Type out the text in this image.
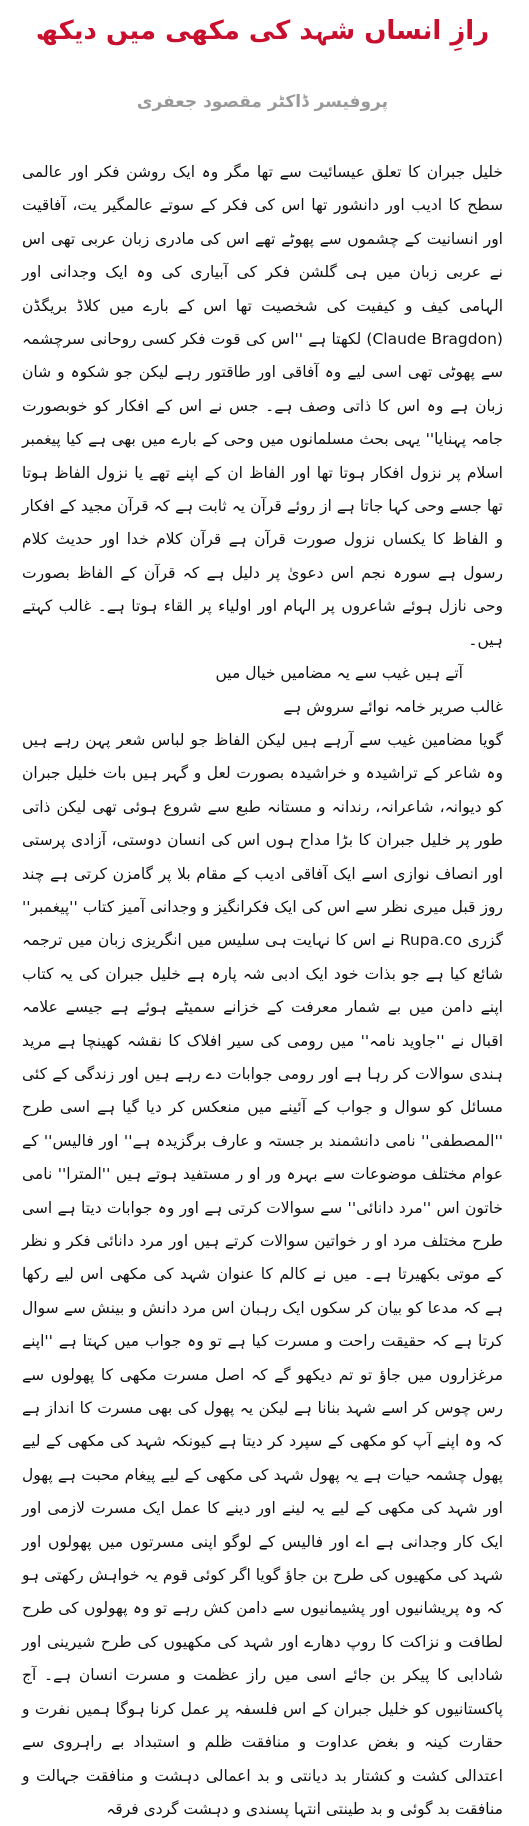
رازِ انساں شہد کی مکھی میں دیکھ
پروفیسر ڈاکٹر مقصود جعفری

خلیل جبران کا تعلق عیسائیت سے تھا مگر وہ ایک روشن فکر اور عالمی سطح کا ادیب اور دانشور تھا اس کی فکر کے سوتے عالمگیر یت، آفاقیت اور انسانیت کے چشموں سے پھوٹے تھے اس کی مادری زبان عربی تھی اس نے عربی زبان میں ہی گلشن فکر کی آبیاری کی وہ ایک وجدانی اور الہامی کیف و کیفیت کی شخصیت تھا اس کے بارے میں کلاڈ بریگڈن (Claude Bragdon) لکھتا ہے ''اس کی قوت فکر کسی روحانی سرچشمہ سے پھوٹی تھی اسی لیے وہ آفاقی اور طاقتور رہے لیکن جو شکوہ و شان زبان ہے وہ اس کا ذاتی وصف ہے۔ جس نے اس کے افکار کو خوبصورت جامہ پہنایا'' یہی بحث مسلمانوں میں وحی کے بارے میں بھی ہے کیا پیغمبر اسلام پر نزول افکار ہوتا تھا اور الفاظ ان کے اپنے تھے یا نزول الفاظ ہوتا تھا جسے وحی کہا جاتا ہے از روئے قرآن یہ ثابت ہے کہ قرآن مجید کے افکار و الفاظ کا یکساں نزول صورت قرآن ہے قرآن کلام خدا اور حدیث کلام رسول ہے سورہ نجم اس دعویٰ پر دلیل ہے کہ قرآن کے الفاظ بصورت وحی نازل ہوئے شاعروں پر الہام اور اولیاء پر القاء ہوتا ہے۔ غالب کہتے ہیں۔

آتے ہیں غیب سے یہ مضامیں خیال میں

غالب صریر خامہ نوائے سروش ہے

گویا مضامین غیب سے آرہے ہیں لیکن الفاظ جو لباس شعر پہن رہے ہیں وہ شاعر کے تراشیدہ و خراشیدہ بصورت لعل و گہر ہیں بات خلیل جبران کو دیوانہ، شاعرانہ، رندانہ و مستانہ طبع سے شروع ہوئی تھی لیکن ذاتی طور پر خلیل جبران کا بڑا مداح ہوں اس کی انسان دوستی، آزادی پرستی اور انصاف نوازی اسے ایک آفاقی ادیب کے مقام بلا پر گامزن کرتی ہے چند روز قبل میری نظر سے اس کی ایک فکرانگیز و وجدانی آمیز کتاب ''پیغمبر'' گزری Rupa.co نے اس کا نہایت ہی سلیس میں انگریزی زبان میں ترجمہ شائع کیا ہے جو بذات خود ایک ادبی شہ پارہ ہے خلیل جبران کی یہ کتاب اپنے دامن میں بے شمار معرفت کے خزانے سمیٹے ہوئے ہے جیسے علامہ اقبال نے ''جاوید نامہ'' میں رومی کی سیر افلاک کا نقشہ کھینچا ہے مرید ہندی سوالات کر رہا ہے اور رومی جوابات دے رہے ہیں اور زندگی کے کئی مسائل کو سوال و جواب کے آئینے میں منعکس کر دیا گیا ہے اسی طرح ''المصطفی'' نامی دانشمند بر جستہ و عارف برگزیدہ ہے'' اور فالیس'' کے عوام مختلف موضوعات سے بہرہ ور او ر مستفید ہوتے ہیں ''المترا'' نامی خاتون اس ''مرد دانائی'' سے سوالات کرتی ہے اور وہ جوابات دیتا ہے اسی طرح مختلف مرد او ر خواتین سوالات کرتے ہیں اور مرد دانائی فکر و نظر کے موتی بکھیرتا ہے۔ میں نے کالم کا عنوان شہد کی مکھی اس لیے رکھا ہے کہ مدعا کو بیان کر سکوں ایک رہبان اس مرد دانش و بینش سے سوال کرتا ہے کہ حقیقت راحت و مسرت کیا ہے تو وہ جواب میں کہتا ہے ''اپنے مرغزاروں میں جاؤ تو تم دیکھو گے کہ اصل مسرت مکھی کا پھولوں سے رس چوس کر اسے شہد بنانا ہے لیکن یہ پھول کی بھی مسرت کا انداز ہے کہ وہ اپنے آپ کو مکھی کے سپرد کر دیتا ہے کیونکہ شہد کی مکھی کے لیے پھول چشمہ حیات ہے یہ پھول شہد کی مکھی کے لیے پیغام محبت ہے پھول اور شہد کی مکھی کے لیے یہ لینے اور دینے کا عمل ایک مسرت لازمی اور ایک کار وجدانی ہے اے اور فالیس کے لوگو اپنی مسرتوں میں پھولوں اور شہد کی مکھیوں کی طرح بن جاؤ گویا اگر کوئی قوم یہ خواہش رکھتی ہو کہ وہ پریشانیوں اور پشیمانیوں سے دامن کش رہے تو وہ پھولوں کی طرح لطافت و نزاکت کا روپ دھارے اور شہد کی مکھیوں کی طرح شیرینی اور شادابی کا پیکر بن جائے اسی میں راز عظمت و مسرت انسان ہے۔ آج پاکستانیوں کو خلیل جبران کے اس فلسفہ پر عمل کرنا ہوگا ہمیں نفرت و حقارت کینہ و بغض عداوت و منافقت ظلم و استبداد بے راہروی سے اعتدالی کشت و کشتار بد دیانتی و بد اعمالی دہشت و منافقت جہالت و منافقت بد گوئی و بد طینتی انتہا پسندی و دہشت گردی فرقہ
